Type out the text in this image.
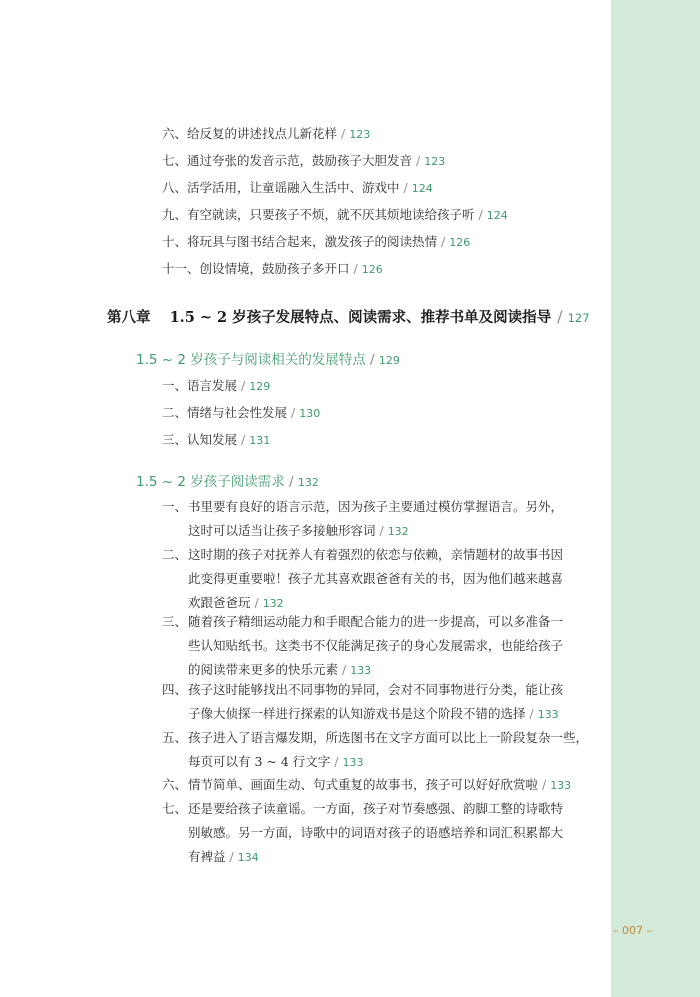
– 007 –
六、给反复的讲述找点儿新花样 / 123
七、通过夸张的发音示范，鼓励孩子大胆发音 / 123
八、活学活用，让童谣融入生活中、游戏中 / 124
九、有空就读，只要孩子不烦，就不厌其烦地读给孩子听 / 124
十、将玩具与图书结合起来，激发孩子的阅读热情 / 126
十一、创设情境，鼓励孩子多开口 / 126
第八章 1.5 ~ 2 岁孩子发展特点、阅读需求、推荐书单及阅读指导 / 127
1.5 ~ 2 岁孩子与阅读相关的发展特点 / 129
一、语言发展 / 129
二、情绪与社会性发展 / 130
三、认知发展 / 131
1.5 ~ 2 岁孩子阅读需求 / 132
一、 书里要有良好的语言示范，因为孩子主要通过模仿掌握语言。另外，
这时可以适当让孩子多接触形容词 / 132
二、 这时期的孩子对抚养人有着强烈的依恋与依赖，亲情题材的故事书因
此变得更重要啦！孩子尤其喜欢跟爸爸有关的书，因为他们越来越喜
欢跟爸爸玩 / 132
三、 随着孩子精细运动能力和手眼配合能力的进一步提高，可以多准备一
些认知贴纸书。这类书不仅能满足孩子的身心发展需求，也能给孩子
的阅读带来更多的快乐元素 / 133
四、 孩子这时能够找出不同事物的异同，会对不同事物进行分类，能让孩
子像大侦探一样进行探索的认知游戏书是这个阶段不错的选择 / 133
五、 孩子进入了语言爆发期，所选图书在文字方面可以比上一阶段复杂一些，
每页可以有 3 ~ 4 行文字 / 133
六、 情节简单、画面生动、句式重复的故事书，孩子可以好好欣赏啦 / 133
七、 还是要给孩子读童谣。一方面，孩子对节奏感强、韵脚工整的诗歌特
别敏感。另一方面，诗歌中的词语对孩子的语感培养和词汇积累都大
有裨益 / 134
